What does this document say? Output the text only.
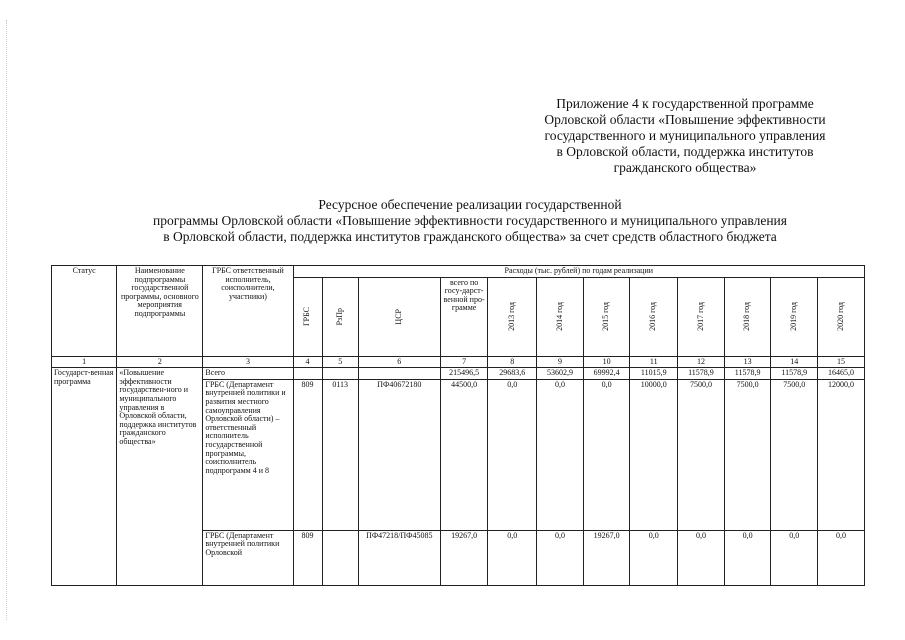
Приложение 4 к государственной программе
Орловской области «Повышение эффективности
государственного и муниципального управления
в Орловской области, поддержка институтов
гражданского общества»
Ресурсное обеспечение реализации государственной
программы Орловской области «Повышение эффективности государственного и муниципального управления
в Орловской области, поддержка институтов гражданского общества» за счет средств областного бюджета
Статус	Наименование подпрограммы государственной программы, основного мероприятия подпрограммы	ГРБС ответственный исполнитель, соисполнители, участники)	Расходы (тыс. рублей) по годам реализации											

			ГРБС	РзПр	ЦСР	всего по госу-дарст-венной про-грамме	2013 год	2014 год	2015 год	2016 год	2017 год	2018 год	2019 год	2020 год

1	2	3	4	5	6	7	8	9	10	11	12	13	14	15
Государст-венная программа	«Повышение эффективности государствен-ного и муниципального управления в Орловской области, поддержка институтов гражданского общества»	Всего				215496,5	29683,6	53602,9	69992,4	11015,9	11578,9	11578,9	11578,9	16465,0
		ГРБС (Департамент внутренней политики и развития местного самоуправления Орловской области) – ответственный исполнитель государственной программы, соисполнитель подпрограмм 4 и 8	809	0113	ПФ40672180	44500,0	0,0	0,0	0,0	10000,0	7500,0	7500,0	7500,0	12000,0
		ГРБС (Департамент внутренней политики Орловской	809		ПФ47218/ПФ45085	19267,0	0,0	0,0	19267,0	0,0	0,0	0,0	0,0	0,0
